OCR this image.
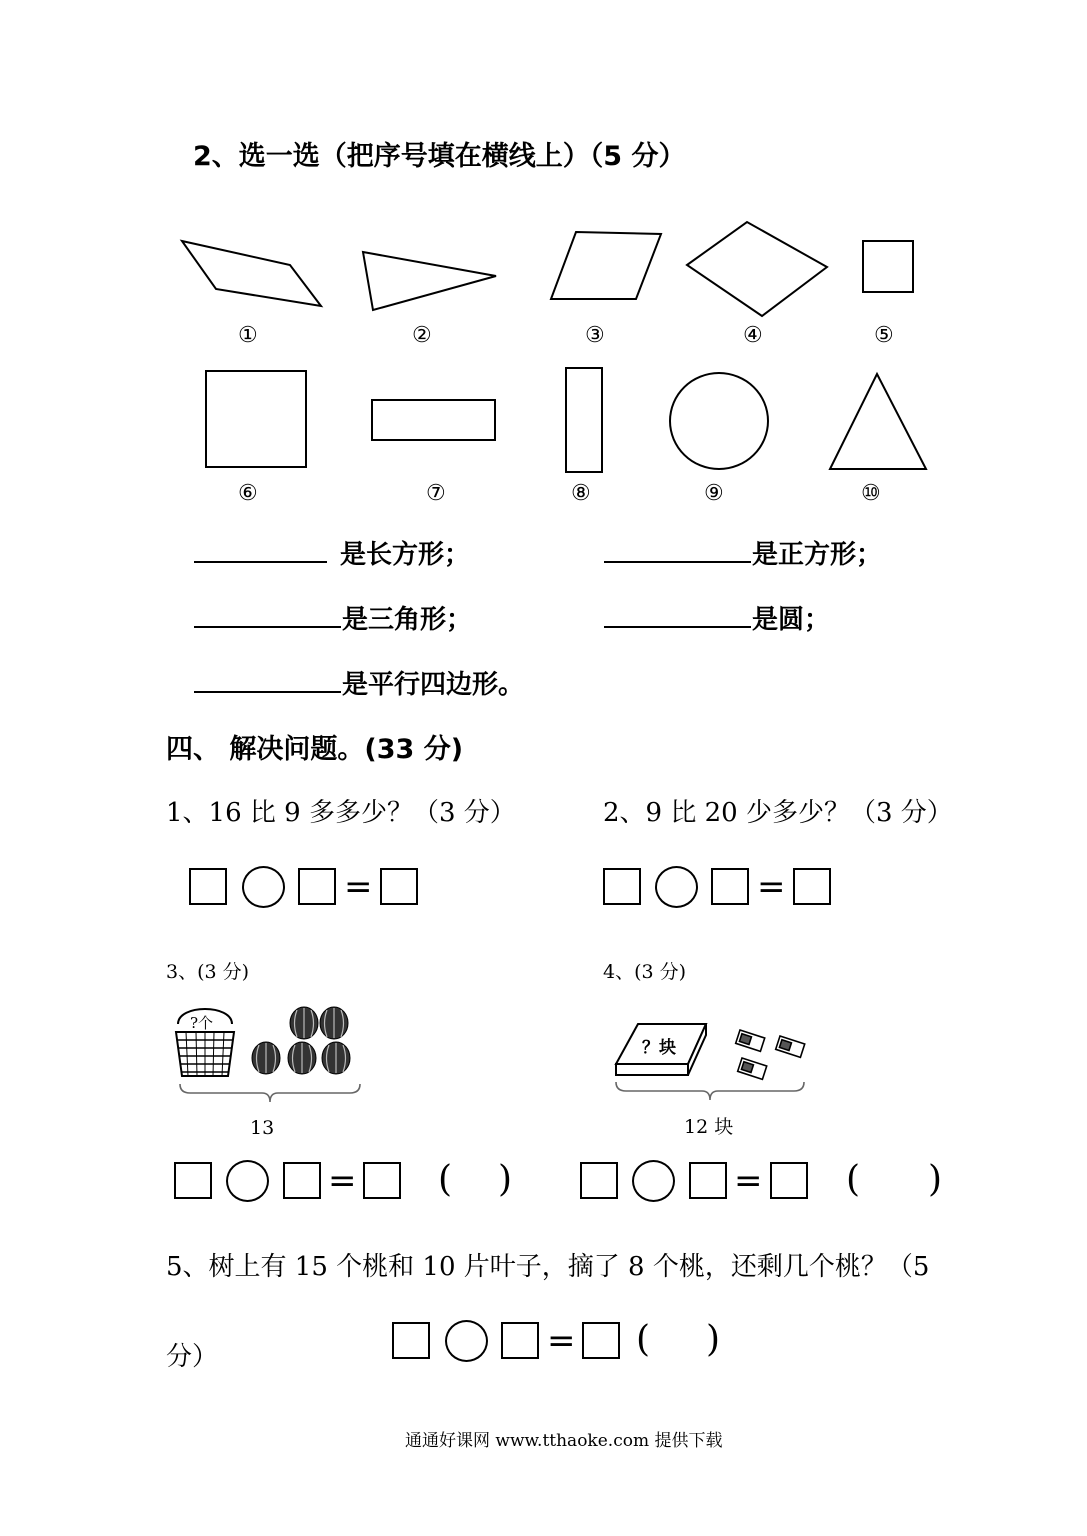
2、选一选（把序号填在横线上）（5 分）
①	②	③	④	⑤
⑥	⑦	⑧	⑨	⑩
是长方形；	是正方形；
是三角形；	是圆；
是平行四边形。
四、 解决问题。(33 分)
1、16 比 9 多多少？（3 分）	2、9 比 20 少多少？（3 分）
=	=
3、(3 分)	4、(3 分)
?个
13
？块
12 块
= ( )	= ( )
5、树上有 15 个桃和 10 片叶子，摘了 8 个桃，还剩几个桃？（5
分）	= ( )
通通好课网 www.tthaoke.com 提供下载
